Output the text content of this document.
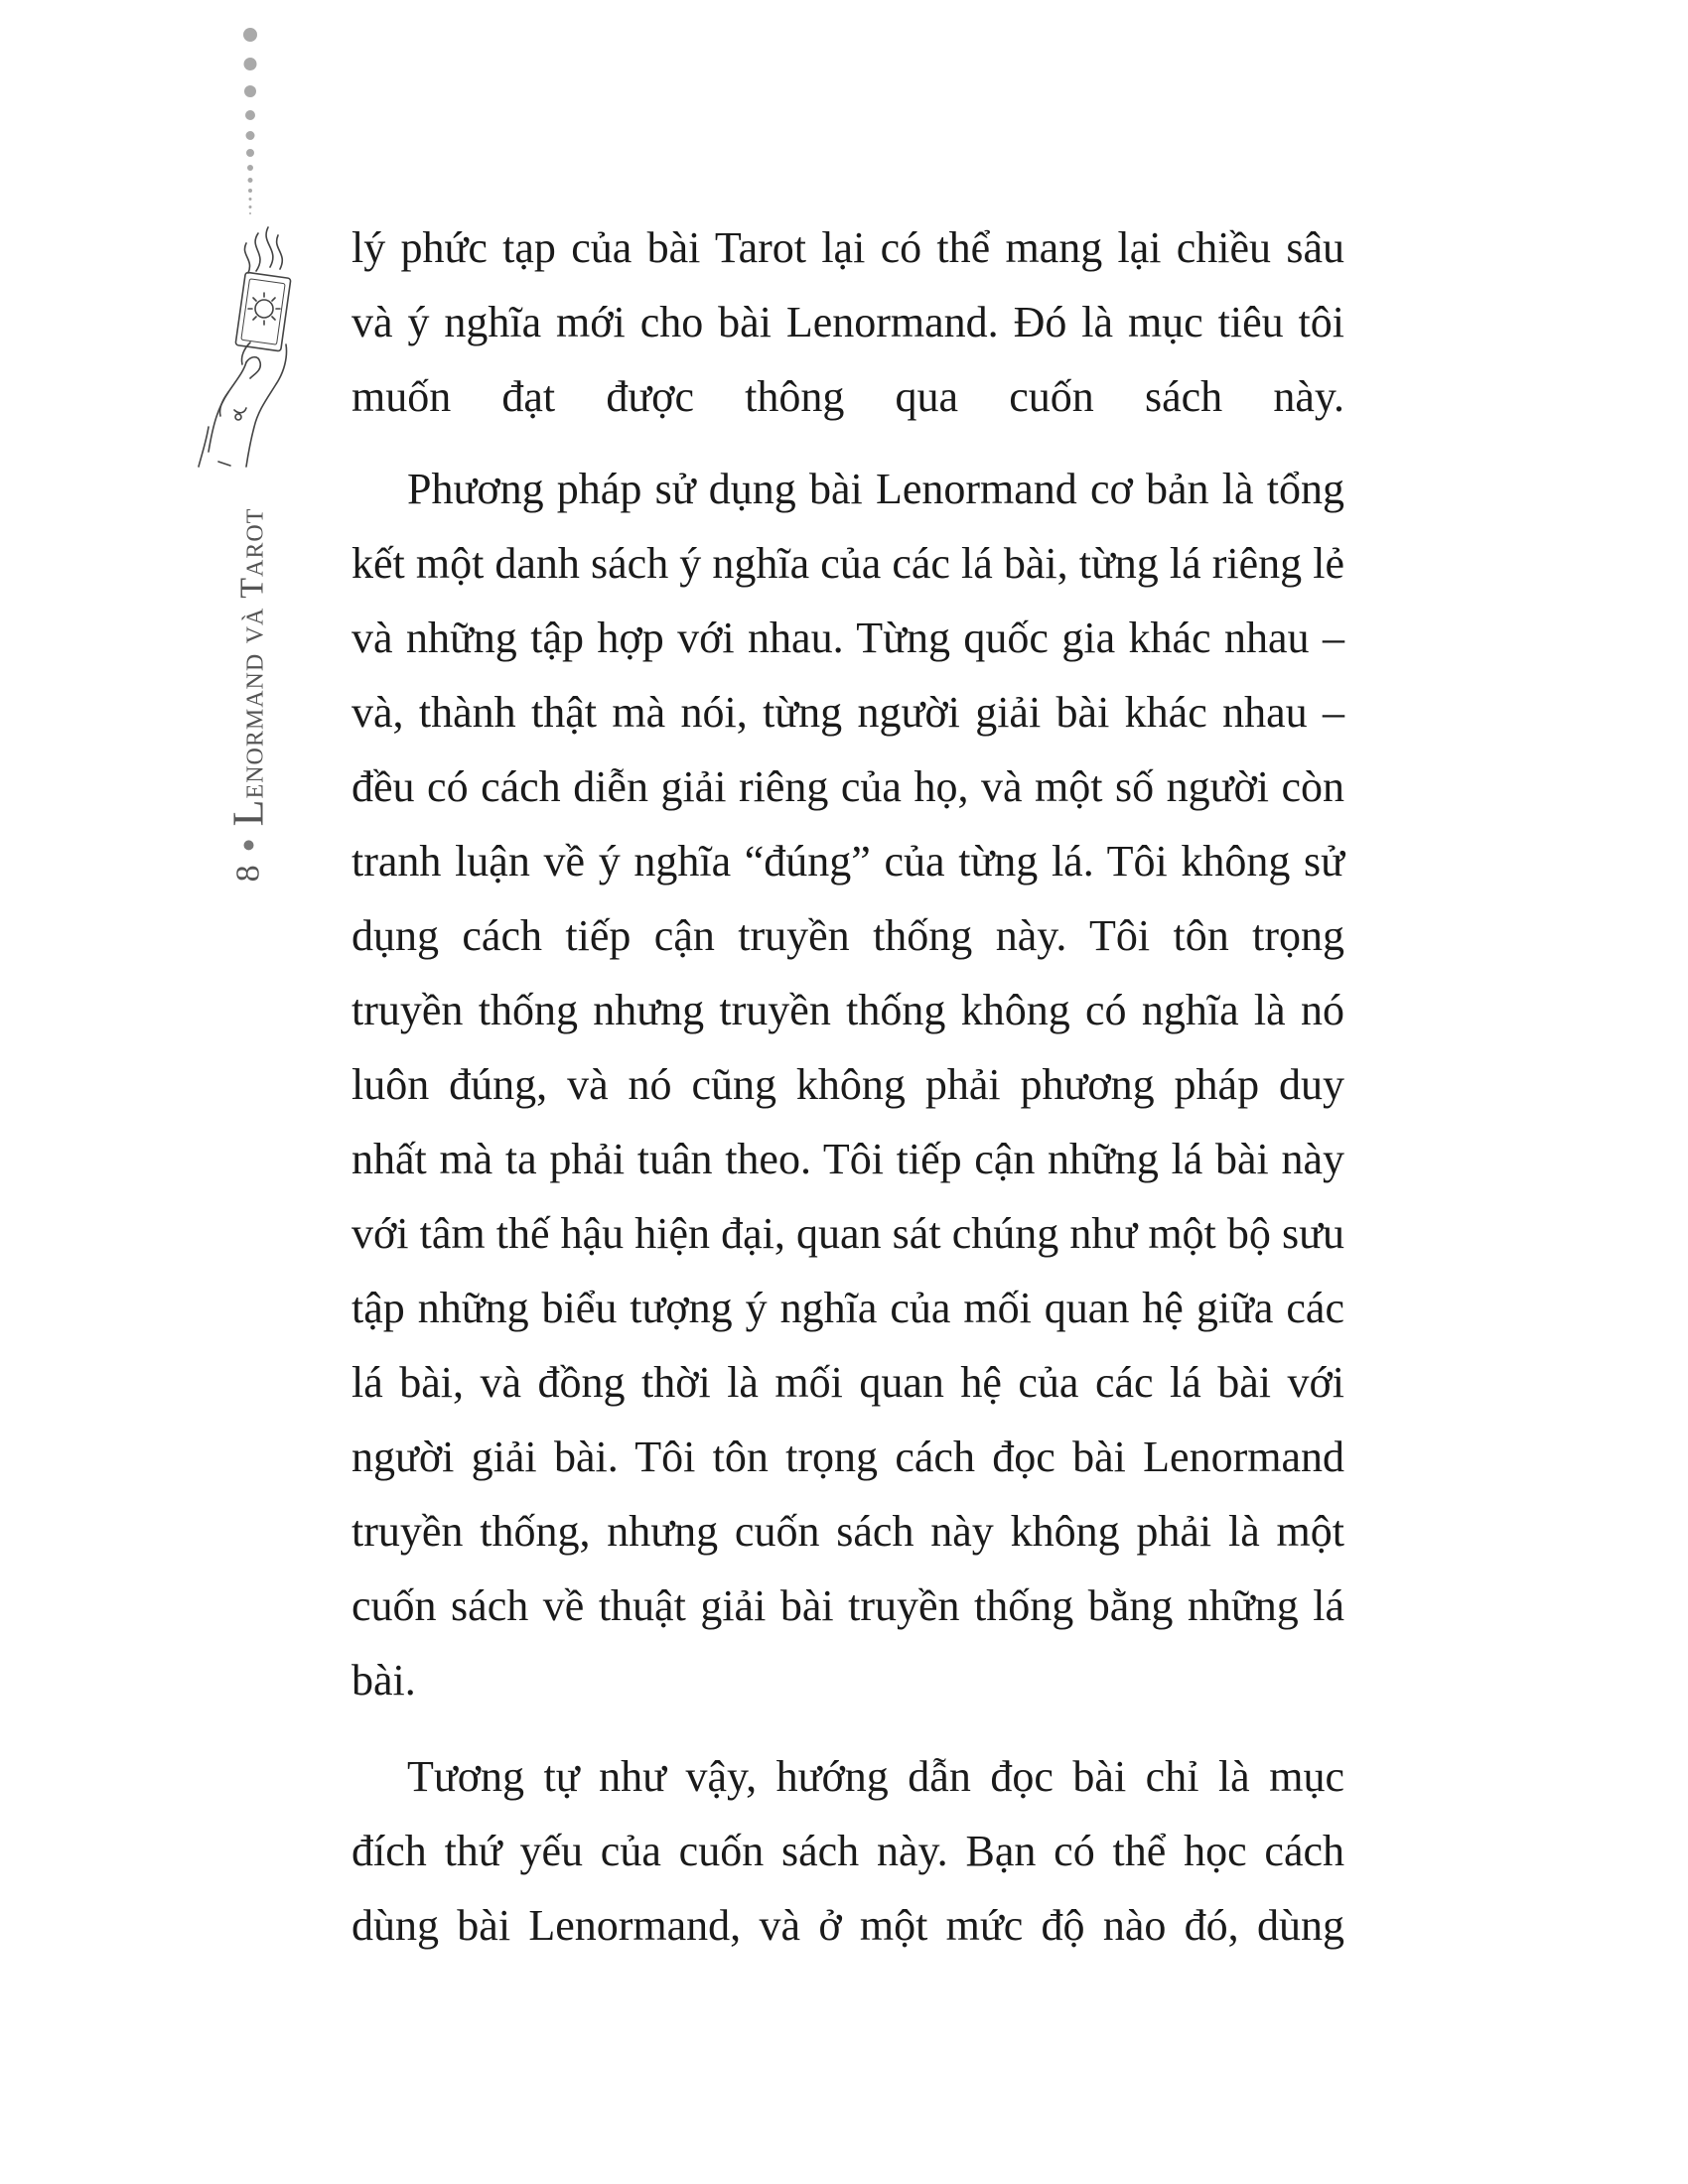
8
Lenormand và Tarot

lý phức tạp của bài Tarot lại có thể mang lại chiều sâu và ý nghĩa mới cho bài Lenormand. Đó là mục tiêu tôi muốn đạt được thông qua cuốn sách này.

Phương pháp sử dụng bài Lenormand cơ bản là tổng kết một danh sách ý nghĩa của các lá bài, từng lá riêng lẻ và những tập hợp với nhau. Từng quốc gia khác nhau – và, thành thật mà nói, từng người giải bài khác nhau – đều có cách diễn giải riêng của họ, và một số người còn tranh luận về ý nghĩa “đúng” của từng lá. Tôi không sử dụng cách tiếp cận truyền thống này. Tôi tôn trọng truyền thống nhưng truyền thống không có nghĩa là nó luôn đúng, và nó cũng không phải phương pháp duy nhất mà ta phải tuân theo. Tôi tiếp cận những lá bài này với tâm thế hậu hiện đại, quan sát chúng như một bộ sưu tập những biểu tượng ý nghĩa của mối quan hệ giữa các lá bài, và đồng thời là mối quan hệ của các lá bài với người giải bài. Tôi tôn trọng cách đọc bài Lenormand truyền thống, nhưng cuốn sách này không phải là một cuốn sách về thuật giải bài truyền thống bằng những lá bài.

Tương tự như vậy, hướng dẫn đọc bài chỉ là mục đích thứ yếu của cuốn sách này. Bạn có thể học cách dùng bài Lenormand, và ở một mức độ nào đó, dùng
